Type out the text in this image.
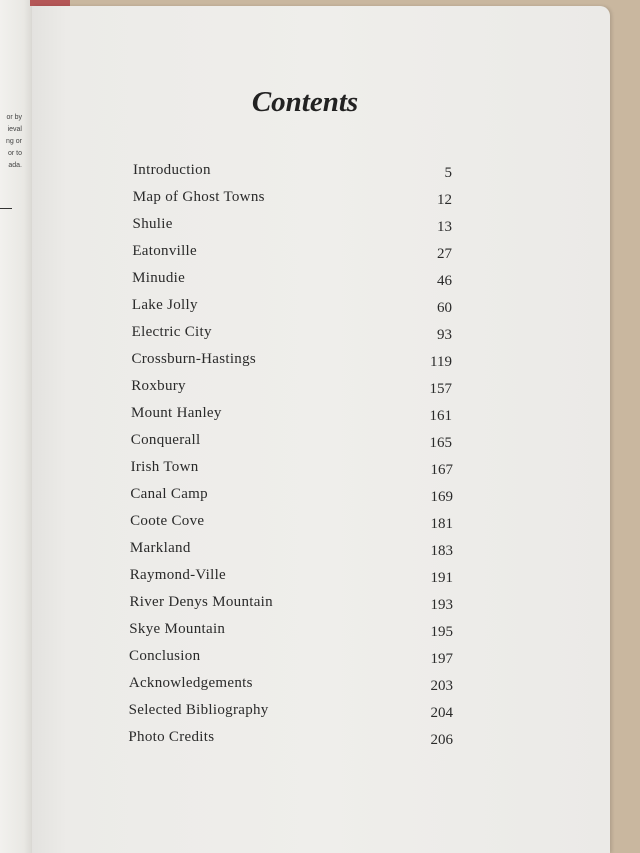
or by
ieval
ng or
or to
ada.
Contents
Introduction	5
Map of Ghost Towns	12
Shulie	13
Eatonville	27
Minudie	46
Lake Jolly	60
Electric City	93
Crossburn-Hastings	119
Roxbury	157
Mount Hanley	161
Conquerall	165
Irish Town	167
Canal Camp	169
Coote Cove	181
Markland	183
Raymond-Ville	191
River Denys Mountain	193
Skye Mountain	195
Conclusion	197
Acknowledgements	203
Selected Bibliography	204
Photo Credits	206
